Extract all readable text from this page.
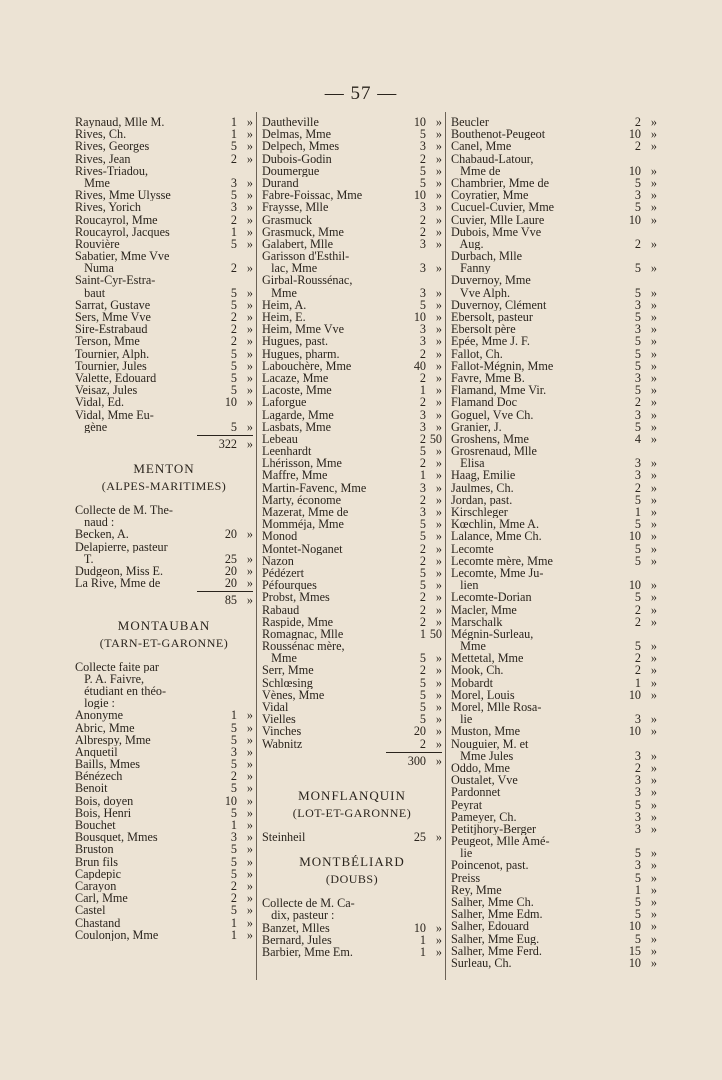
— 57 —
Raynaud, Mlle M.	1 »
Rives, Ch.	1 »
Rives, Georges	5 »
Rives, Jean	2 »
Rives-Triadou,
Mme	3 »
Rives, Mme Ulysse	5 »
Rives, Yorich	3 »
Roucayrol, Mme	2 »
Roucayrol, Jacques	1 »
Rouvière	5 »
Sabatier, Mme Vve
Numa	2 »
Saint-Cyr-Estra-
baut	5 »
Sarrat, Gustave	5 »
Sers, Mme Vve	2 »
Sire-Estrabaud	2 »
Terson, Mme	2 »
Tournier, Alph.	5 »
Tournier, Jules	5 »
Valette, Edouard	5 »
Veisaz, Jules	5 »
Vidal, Ed.	10 »
Vidal, Mme Eu-
gène	5 »
322 »
MENTON
(ALPES-MARITIMES)
Collecte de M. The-
naud :
Becken, A.	20 »
Delapierre, pasteur
T.	25 »
Dudgeon, Miss E.	20 »
La Rive, Mme de	20 »
85 »
MONTAUBAN
(TARN-ET-GARONNE)
Collecte faite par
P. A. Faivre,
étudiant en théo-
logie :
Anonyme	1 »
Abric, Mme	5 »
Albrespy, Mme	5 »
Anquetil	3 »
Baills, Mmes	5 »
Bénézech	2 »
Benoit	5 »
Bois, doyen	10 »
Bois, Henri	5 »
Bouchet	1 »
Bousquet, Mmes	3 »
Bruston	5 »
Brun fils	5 »
Capdepic	5 »
Carayon	2 »
Carl, Mme	2 »
Castel	5 »
Chastand	1 »
Coulonjon, Mme	1 »
Dautheville	10 »
Delmas, Mme	5 »
Delpech, Mmes	3 »
Dubois-Godin	2 »
Doumergue	5 »
Durand	5 »
Fabre-Foissac, Mme	10 »
Fraysse, Mlle	3 »
Grasmuck	2 »
Grasmuck, Mme	2 »
Galabert, Mlle	3 »
Garisson d'Esthil-
lac, Mme	3 »
Girbal-Roussénac,
Mme	3 »
Heim, A.	5 »
Heim, E.	10 »
Heim, Mme Vve	3 »
Hugues, past.	3 »
Hugues, pharm.	2 »
Labouchère, Mme	40 »
Lacaze, Mme	2 »
Lacoste, Mme	1 »
Laforgue	2 »
Lagarde, Mme	3 »
Lasbats, Mme	3 »
Lebeau	2 50
Leenhardt	5 »
Lhérisson, Mme	2 »
Maffre, Mme	1 »
Martin-Favenc, Mme	3 »
Marty, économe	2 »
Mazerat, Mme de	3 »
Momméja, Mme	5 »
Monod	5 »
Montet-Noganet	2 »
Nazon	2 »
Pédézert	5 »
Péfourques	5 »
Probst, Mmes	2 »
Rabaud	2 »
Raspide, Mme	2 »
Romagnac, Mlle	1 50
Roussénac mère,
Mme	5 »
Serr, Mme	2 »
Schlœsing	5 »
Vènes, Mme	5 »
Vidal	5 »
Vielles	5 »
Vinches	20 »
Wabnitz	2 »
300 »
MONFLANQUIN
(LOT-ET-GARONNE)
Steinheil	25 »
MONTBÉLIARD
(DOUBS)
Collecte de M. Ca-
dix, pasteur :
Banzet, Mlles	10 »
Bernard, Jules	1 »
Barbier, Mme Em.	1 »
Beucler	2 »
Bouthenot-Peugeot	10 »
Canel, Mme	2 »
Chabaud-Latour,
Mme de	10 »
Chambrier, Mme de	5 »
Coyratier, Mme	3 »
Cucuel-Cuvier, Mme	5 »
Cuvier, Mlle Laure	10 »
Dubois, Mme Vve
Aug.	2 »
Durbach, Mlle
Fanny	5 »
Duvernoy, Mme
Vve Alph.	5 »
Duvernoy, Clément	3 »
Ebersolt, pasteur	5 »
Ebersolt père	3 »
Epée, Mme J. F.	5 »
Fallot, Ch.	5 »
Fallot-Mégnin, Mme	5 »
Favre, Mme B.	3 »
Flamand, Mme Vir.	5 »
Flamand Doc	2 »
Goguel, Vve Ch.	3 »
Granier, J.	5 »
Groshens, Mme	4 »
Grosrenaud, Mlle
Elisa	3 »
Haag, Emilie	3 »
Jaulmes, Ch.	2 »
Jordan, past.	5 »
Kirschleger	1 »
Kœchlin, Mme A.	5 »
Lalance, Mme Ch.	10 »
Lecomte	5 »
Lecomte mère, Mme	5 »
Lecomte, Mme Ju-
lien	10 »
Lecomte-Dorian	5 »
Macler, Mme	2 »
Marschalk	2 »
Mégnin-Surleau,
Mme	5 »
Mettetal, Mme	2 »
Mook, Ch.	2 »
Mobardt	1 »
Morel, Louis	10 »
Morel, Mlle Rosa-
lie	3 »
Muston, Mme	10 »
Nouguier, M. et
Mme Jules	3 »
Oddo, Mme	2 »
Oustalet, Vve	3 »
Pardonnet	3 »
Peyrat	5 »
Pameyer, Ch.	3 »
Petitjhory-Berger	3 »
Peugeot, Mlle Amé-
lie	5 »
Poincenot, past.	3 »
Preiss	5 »
Rey, Mme	1 »
Salher, Mme Ch.	5 »
Salher, Mme Edm.	5 »
Salher, Edouard	10 »
Salher, Mme Eug.	5 »
Salher, Mme Ferd.	15 »
Surleau, Ch.	10 »
